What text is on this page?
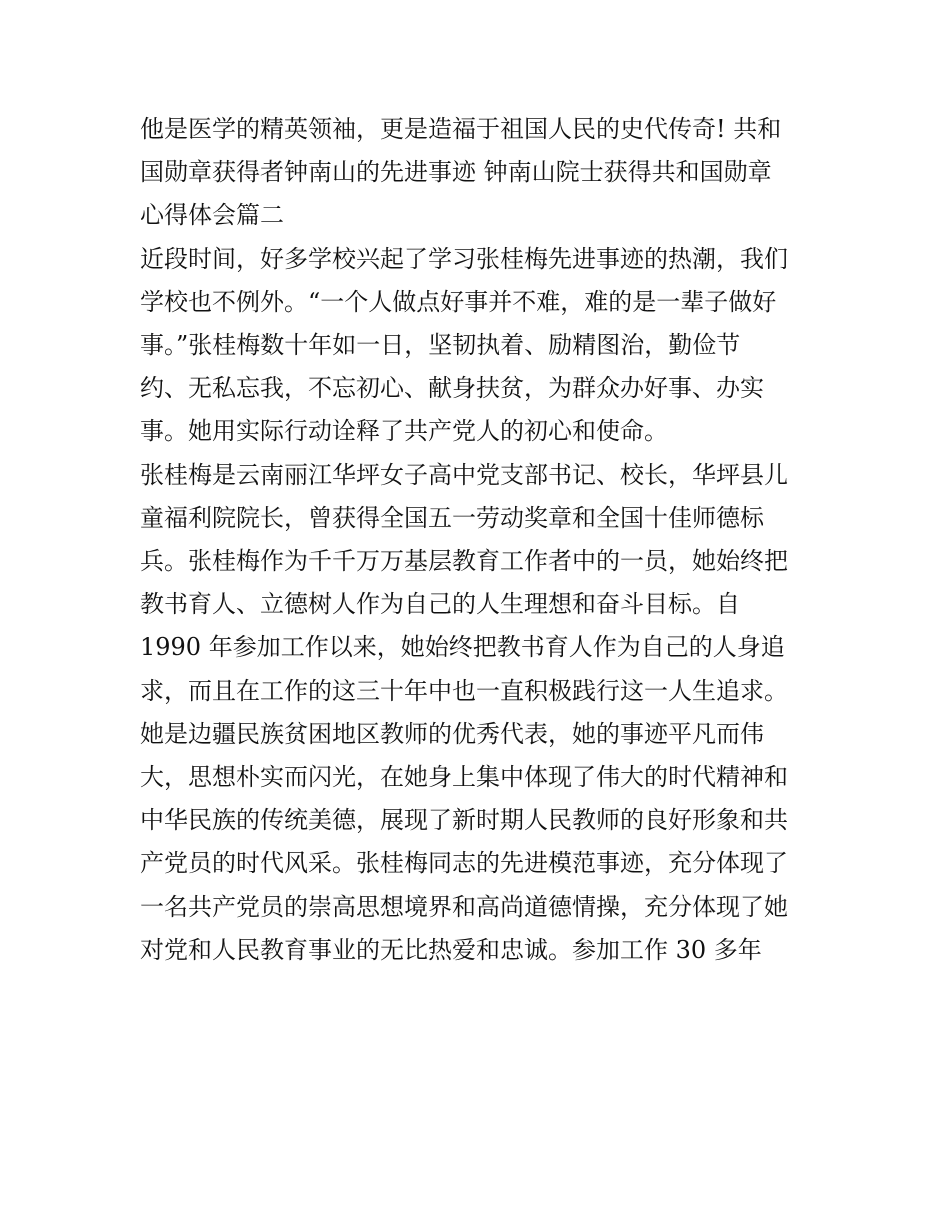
他是医学的精英领袖，更是造福于祖国人民的史代传奇! 共和
国勋章获得者钟南山的先进事迹 钟南山院士获得共和国勋章
心得体会篇二
近段时间，好多学校兴起了学习张桂梅先进事迹的热潮，我们
学校也不例外。“一个人做点好事并不难，难的是一辈子做好
事。”张桂梅数十年如一日，坚韧执着、励精图治，勤俭节
约、无私忘我，不忘初心、献身扶贫，为群众办好事、办实
事。她用实际行动诠释了共产党人的初心和使命。
张桂梅是云南丽江华坪女子高中党支部书记、校长，华坪县儿
童福利院院长，曾获得全国五一劳动奖章和全国十佳师德标
兵。张桂梅作为千千万万基层教育工作者中的一员，她始终把
教书育人、立德树人作为自己的人生理想和奋斗目标。自
1990 年参加工作以来，她始终把教书育人作为自己的人身追
求，而且在工作的这三十年中也一直积极践行这一人生追求。
她是边疆民族贫困地区教师的优秀代表，她的事迹平凡而伟
大，思想朴实而闪光，在她身上集中体现了伟大的时代精神和
中华民族的传统美德，展现了新时期人民教师的良好形象和共
产党员的时代风采。张桂梅同志的先进模范事迹，充分体现了
一名共产党员的崇高思想境界和高尚道德情操，充分体现了她
对党和人民教育事业的无比热爱和忠诚。参加工作 30 多年
